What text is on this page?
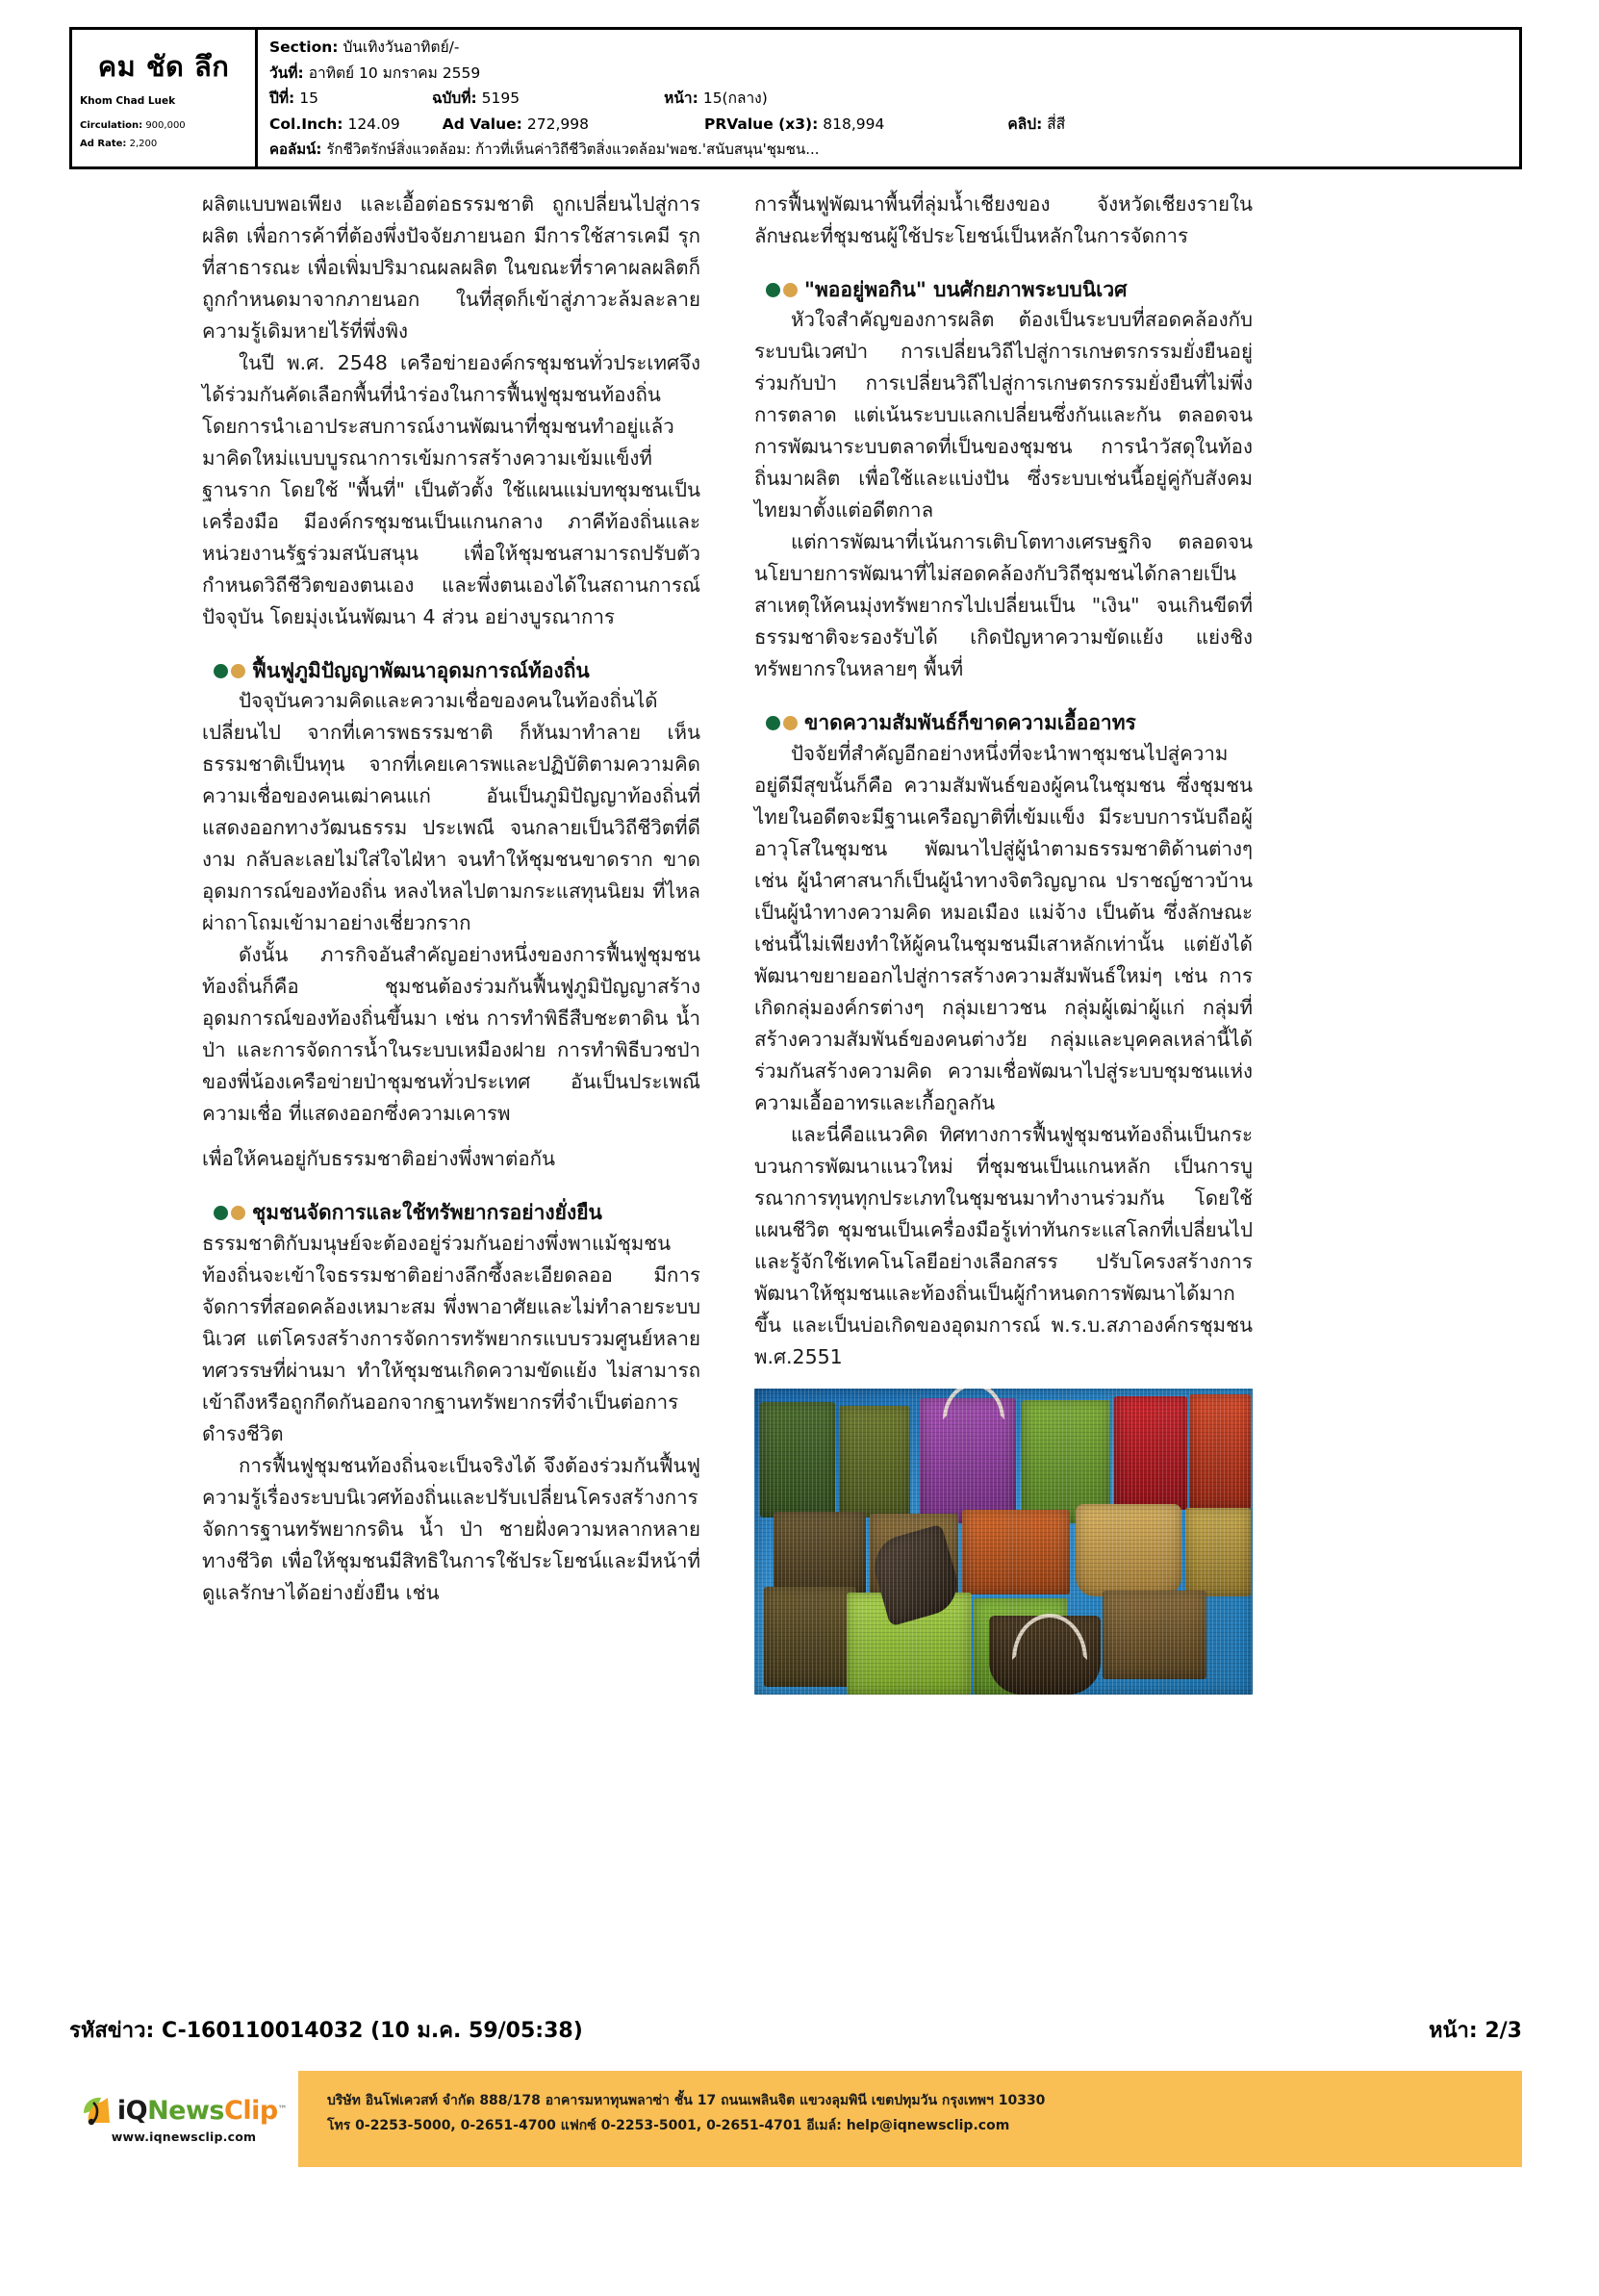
คม ชัด ลึก
Khom Chad Luek
Circulation: 900,000
Ad Rate: 2,200
Section: บันเทิงวันอาทิตย์/-
วันที่: อาทิตย์ 10 มกราคม 2559
ปีที่: 15	ฉบับที่: 5195	หน้า: 15(กลาง)
Col.Inch: 124.09	Ad Value: 272,998	PRValue (x3): 818,994	คลิป: สี่สี
คอลัมน์: รักชีวิตรักษ์สิ่งแวดล้อม: ก้าวที่เห็นค่าวิถีชีวิตสิ่งแวดล้อม'พอช.'สนับสนุน'ชุมชน...

ผลิตแบบพอเพียง และเอื้อต่อธรรมชาติ ถูกเปลี่ยนไปสู่การผลิต เพื่อการค้าที่ต้องพึ่งปัจจัยภายนอก มีการใช้สารเคมี รุกที่สาธารณะ เพื่อเพิ่มปริมาณผลผลิต ในขณะที่ราคาผลผลิตก็ถูกกำหนดมาจากภายนอก ในที่สุดก็เข้าสู่ภาวะล้มละลาย ความรู้เดิมหายไร้ที่พึ่งพิง

ในปี พ.ศ. 2548 เครือข่ายองค์กรชุมชนทั่วประเทศจึงได้ร่วมกันคัดเลือกพื้นที่นำร่องในการฟื้นฟูชุมชนท้องถิ่น โดยการนำเอาประสบการณ์งานพัฒนาที่ชุมชนทำอยู่แล้ว มาคิดใหม่แบบบูรณาการเข้มการสร้างความเข้มแข็งที่ฐานราก โดยใช้ "พื้นที่" เป็นตัวตั้ง ใช้แผนแม่บทชุมชนเป็นเครื่องมือ มีองค์กรชุมชนเป็นแกนกลาง ภาคีท้องถิ่นและหน่วยงานรัฐร่วมสนับสนุน เพื่อให้ชุมชนสามารถปรับตัว กำหนดวิถีชีวิตของตนเอง และพึ่งตนเองได้ในสถานการณ์ปัจจุบัน โดยมุ่งเน้นพัฒนา 4 ส่วน อย่างบูรณาการ

ฟื้นฟูภูมิปัญญาพัฒนาอุดมการณ์ท้องถิ่น

ปัจจุบันความคิดและความเชื่อของคนในท้องถิ่นได้เปลี่ยนไป จากที่เคารพธรรมชาติ ก็หันมาทำลาย เห็นธรรมชาติเป็นทุน จากที่เคยเคารพและปฏิบัติตามความคิดความเชื่อของคนเฒ่าคนแก่ อันเป็นภูมิปัญญาท้องถิ่นที่แสดงออกทางวัฒนธรรม ประเพณี จนกลายเป็นวิถีชีวิตที่ดีงาม กลับละเลยไม่ใส่ใจไฝ่หา จนทำให้ชุมชนขาดราก ขาดอุดมการณ์ของท้องถิ่น หลงไหลไปตามกระแสทุนนิยม ที่ไหลผ่าถาโถมเข้ามาอย่างเชี่ยวกราก

ดังนั้น ภารกิจอันสำคัญอย่างหนึ่งของการฟื้นฟูชุมชนท้องถิ่นก็คือ ชุมชนต้องร่วมกันฟื้นฟูภูมิปัญญาสร้างอุดมการณ์ของท้องถิ่นขึ้นมา เช่น การทำพิธีสืบชะตาดิน น้ำ ป่า และการจัดการน้ำในระบบเหมืองฝาย การทำพิธีบวชป่าของพี่น้องเครือข่ายป่าชุมชนทั่วประเทศ อันเป็นประเพณีความเชื่อ ที่แสดงออกซึ่งความเคารพ

เพื่อให้คนอยู่กับธรรมชาติอย่างพึ่งพาต่อกัน

ชุมชนจัดการและใช้ทรัพยากรอย่างยั่งยืน

ธรรมชาติกับมนุษย์จะต้องอยู่ร่วมกันอย่างพึ่งพาแม้ชุมชนท้องถิ่นจะเข้าใจธรรมชาติอย่างลึกซึ้งละเอียดลออ มีการจัดการที่สอดคล้องเหมาะสม พึ่งพาอาศัยและไม่ทำลายระบบนิเวศ แต่โครงสร้างการจัดการทรัพยากรแบบรวมศูนย์หลายทศวรรษที่ผ่านมา ทำให้ชุมชนเกิดความขัดแย้ง ไม่สามารถเข้าถึงหรือถูกกีดกันออกจากฐานทรัพยากรที่จำเป็นต่อการดำรงชีวิต

การฟื้นฟูชุมชนท้องถิ่นจะเป็นจริงได้ จึงต้องร่วมกันฟื้นฟูความรู้เรื่องระบบนิเวศท้องถิ่นและปรับเปลี่ยนโครงสร้างการจัดการฐานทรัพยากรดิน น้ำ ป่า ชายฝั่งความหลากหลายทางชีวิต เพื่อให้ชุมชนมีสิทธิในการใช้ประโยชน์และมีหน้าที่ดูแลรักษาได้อย่างยั่งยืน เช่น

การฟื้นฟูพัฒนาพื้นที่ลุ่มน้ำเชียงของ จังหวัดเชียงรายในลักษณะที่ชุมชนผู้ใช้ประโยชน์เป็นหลักในการจัดการ

"พออยู่พอกิน" บนศักยภาพระบบนิเวศ

หัวใจสำคัญของการผลิต ต้องเป็นระบบที่สอดคล้องกับระบบนิเวศป่า การเปลี่ยนวิถีไปสู่การเกษตรกรรมยั่งยืนอยู่ร่วมกับป่า การเปลี่ยนวิถีไปสู่การเกษตรกรรมยั่งยืนที่ไม่พึ่งการตลาด แต่เน้นระบบแลกเปลี่ยนซึ่งกันและกัน ตลอดจนการพัฒนาระบบตลาดที่เป็นของชุมชน การนำวัสดุในท้องถิ่นมาผลิต เพื่อใช้และแบ่งปัน ซึ่งระบบเช่นนี้อยู่คู่กับสังคมไทยมาตั้งแต่อดีตกาล

แต่การพัฒนาที่เน้นการเติบโตทางเศรษฐกิจ ตลอดจนนโยบายการพัฒนาที่ไม่สอดคล้องกับวิถีชุมชนได้กลายเป็นสาเหตุให้คนมุ่งทรัพยากรไปเปลี่ยนเป็น "เงิน" จนเกินขีดที่ธรรมชาติจะรองรับได้ เกิดปัญหาความขัดแย้ง แย่งชิงทรัพยากรในหลายๆ พื้นที่

ขาดความสัมพันธ์ก็ขาดความเอื้ออาทร

ปัจจัยที่สำคัญอีกอย่างหนึ่งที่จะนำพาชุมชนไปสู่ความอยู่ดีมีสุขนั้นก็คือ ความสัมพันธ์ของผู้คนในชุมชน ซึ่งชุมชนไทยในอดีตจะมีฐานเครือญาติที่เข้มแข็ง มีระบบการนับถือผู้อาวุโสในชุมชน พัฒนาไปสู่ผู้นำตามธรรมชาติด้านต่างๆ เช่น ผู้นำศาสนาก็เป็นผู้นำทางจิตวิญญาณ ปราชญ์ชาวบ้านเป็นผู้นำทางความคิด หมอเมือง แม่จ้าง เป็นต้น ซึ่งลักษณะเช่นนี้ไม่เพียงทำให้ผู้คนในชุมชนมีเสาหลักเท่านั้น แต่ยังได้พัฒนาขยายออกไปสู่การสร้างความสัมพันธ์ใหม่ๆ เช่น การเกิดกลุ่มองค์กรต่างๆ กลุ่มเยาวชน กลุ่มผู้เฒ่าผู้แก่ กลุ่มที่สร้างความสัมพันธ์ของคนต่างวัย กลุ่มและบุคคลเหล่านี้ได้ร่วมกันสร้างความคิด ความเชื่อพัฒนาไปสู่ระบบชุมชนแห่งความเอื้ออาทรและเกื้อกูลกัน

และนี่คือแนวคิด ทิศทางการฟื้นฟูชุมชนท้องถิ่นเป็นกระบวนการพัฒนาแนวใหม่ ที่ชุมชนเป็นแกนหลัก เป็นการบูรณาการทุนทุกประเภทในชุมชนมาทำงานร่วมกัน โดยใช้แผนชีวิต ชุมชนเป็นเครื่องมือรู้เท่าทันกระแสโลกที่เปลี่ยนไป และรู้จักใช้เทคโนโลยีอย่างเลือกสรร ปรับโครงสร้างการพัฒนาให้ชุมชนและท้องถิ่นเป็นผู้กำหนดการพัฒนาได้มากขึ้น และเป็นบ่อเกิดของอุดมการณ์ พ.ร.บ.สภาองค์กรชุมชน พ.ศ.2551

รหัสข่าว: C-160110014032 (10 ม.ค. 59/05:38)	หน้า: 2/3
iQ News Clip ™
www.iqnewsclip.com
บริษัท อินโฟเควสท์ จำกัด 888/178 อาคารมหาทุนพลาซ่า ชั้น 17 ถนนเพลินจิต แขวงลุมพินี เขตปทุมวัน กรุงเทพฯ 10330
โทร 0-2253-5000, 0-2651-4700 แฟกซ์ 0-2253-5001, 0-2651-4701 อีเมล์: help@iqnewsclip.com
